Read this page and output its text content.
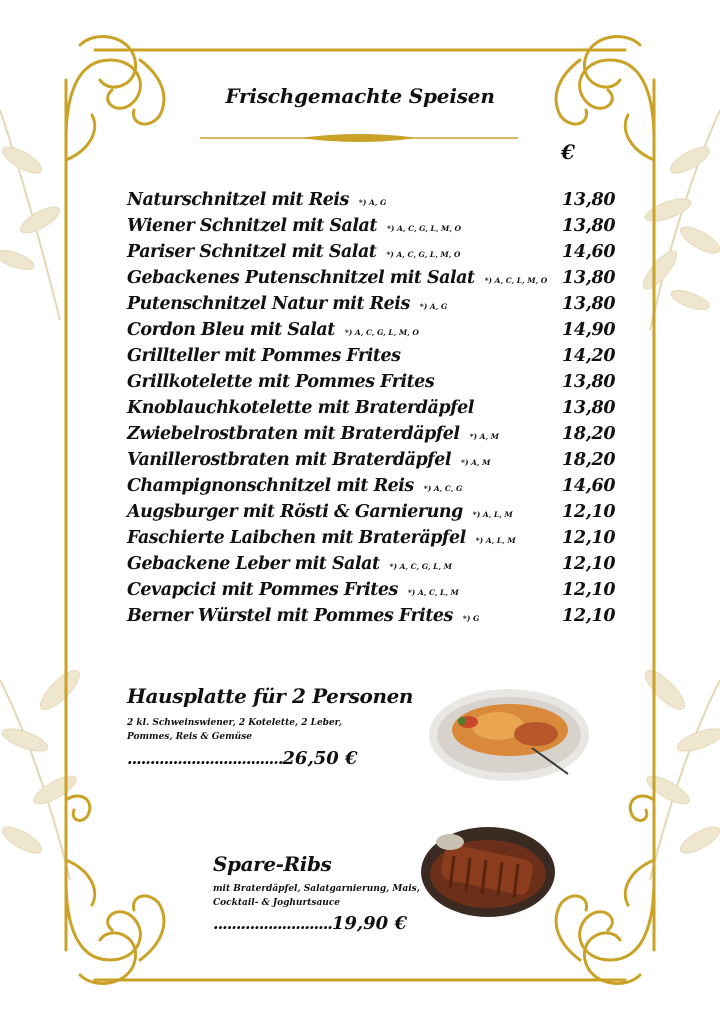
Frischgemachte Speisen
€
Naturschnitzel mit Reis *) A, G	13,80
Wiener Schnitzel mit Salat *) A, C, G, L, M, O	13,80
Pariser Schnitzel mit Salat *) A, C, G, L, M, O	14,60
Gebackenes Putenschnitzel mit Salat *) A, C, L, M, O 13,80
Putenschnitzel Natur mit Reis *) A, G	13,80
Cordon Bleu mit Salat *) A, C, G, L, M, O	14,90
Grillteller mit Pommes Frites	14,20
Grillkotelette mit Pommes Frites	13,80
Knoblauchkotelette mit Braterdäpfel	13,80
Zwiebelrostbraten mit Braterdäpfel *) A, M	18,20
Vanillerostbraten mit Braterdäpfel *) A, M	18,20
Champignonschnitzel mit Reis *) A, C, G	14,60
Augsburger mit Rösti & Garnierung *) A, L, M	12,10
Faschierte Laibchen mit Brateräpfel *) A, L, M	12,10
Gebackene Leber mit Salat *) A, C, G, L, M	12,10
Cevapcici mit Pommes Frites *) A, C, L, M	12,10
Berner Würstel mit Pommes Frites *) G	12,10
Hausplatte für 2 Personen
2 kl. Schweinswiener, 2 Kotelette, 2 Leber,
Pommes, Reis & Gemüse
..................................26,50 €
Spare-Ribs
mit Braterdäpfel, Salatgarnierung, Mais,
Cocktail- & Joghurtsauce
..........................19,90 €
